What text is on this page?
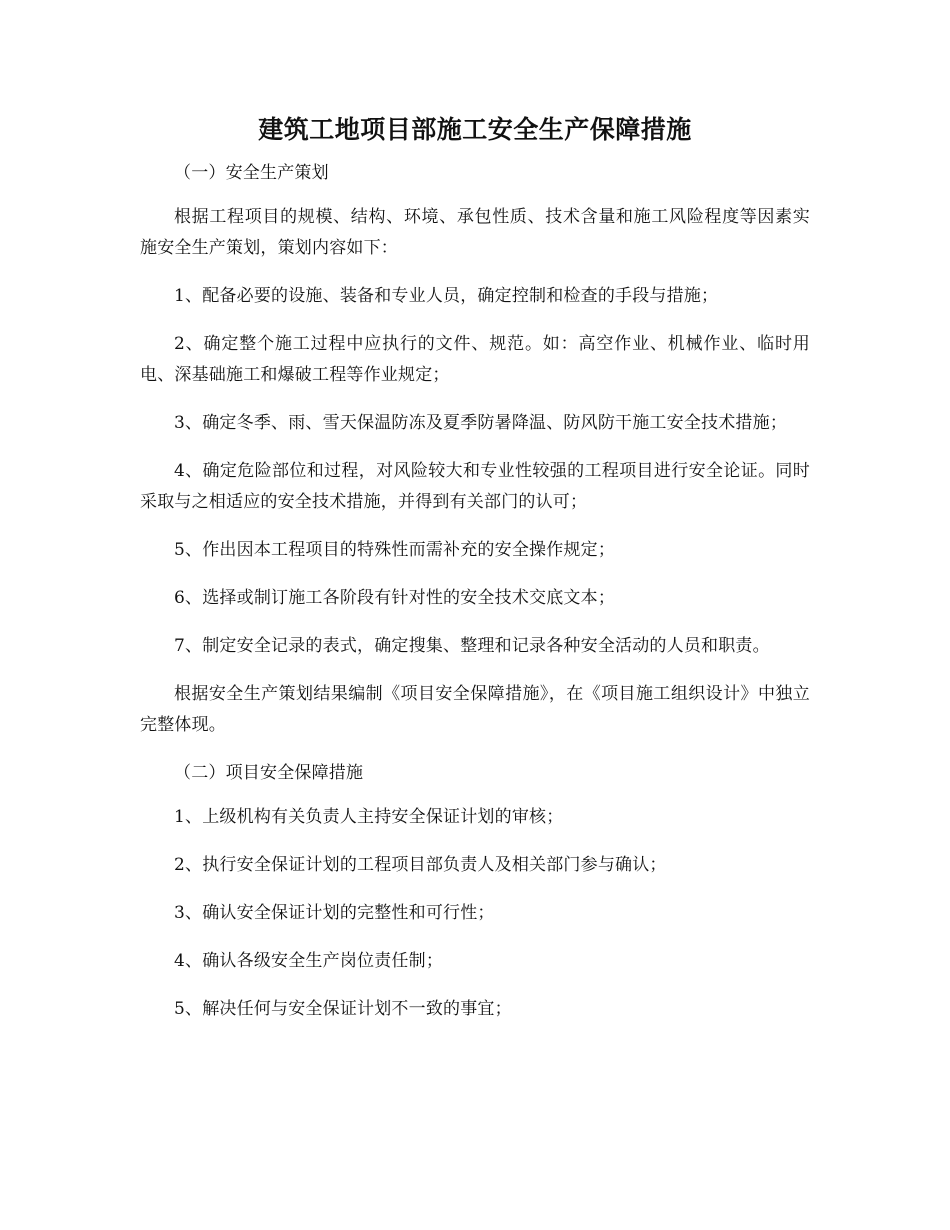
建筑工地项目部施工安全生产保障措施

（一）安全生产策划

根据工程项目的规模、结构、环境、承包性质、技术含量和施工风险程度等因素实施安全生产策划，策划内容如下：

1、配备必要的设施、装备和专业人员，确定控制和检查的手段与措施；

2、确定整个施工过程中应执行的文件、规范。如：高空作业、机械作业、临时用电、深基础施工和爆破工程等作业规定；

3、确定冬季、雨、雪天保温防冻及夏季防暑降温、防风防干施工安全技术措施；

4、确定危险部位和过程，对风险较大和专业性较强的工程项目进行安全论证。同时采取与之相适应的安全技术措施，并得到有关部门的认可；

5、作出因本工程项目的特殊性而需补充的安全操作规定；

6、选择或制订施工各阶段有针对性的安全技术交底文本；

7、制定安全记录的表式，确定搜集、整理和记录各种安全活动的人员和职责。

根据安全生产策划结果编制《项目安全保障措施》，在《项目施工组织设计》中独立完整体现。

（二）项目安全保障措施

1、上级机构有关负责人主持安全保证计划的审核；

2、执行安全保证计划的工程项目部负责人及相关部门参与确认；

3、确认安全保证计划的完整性和可行性；

4、确认各级安全生产岗位责任制；

5、解决任何与安全保证计划不一致的事宜；
